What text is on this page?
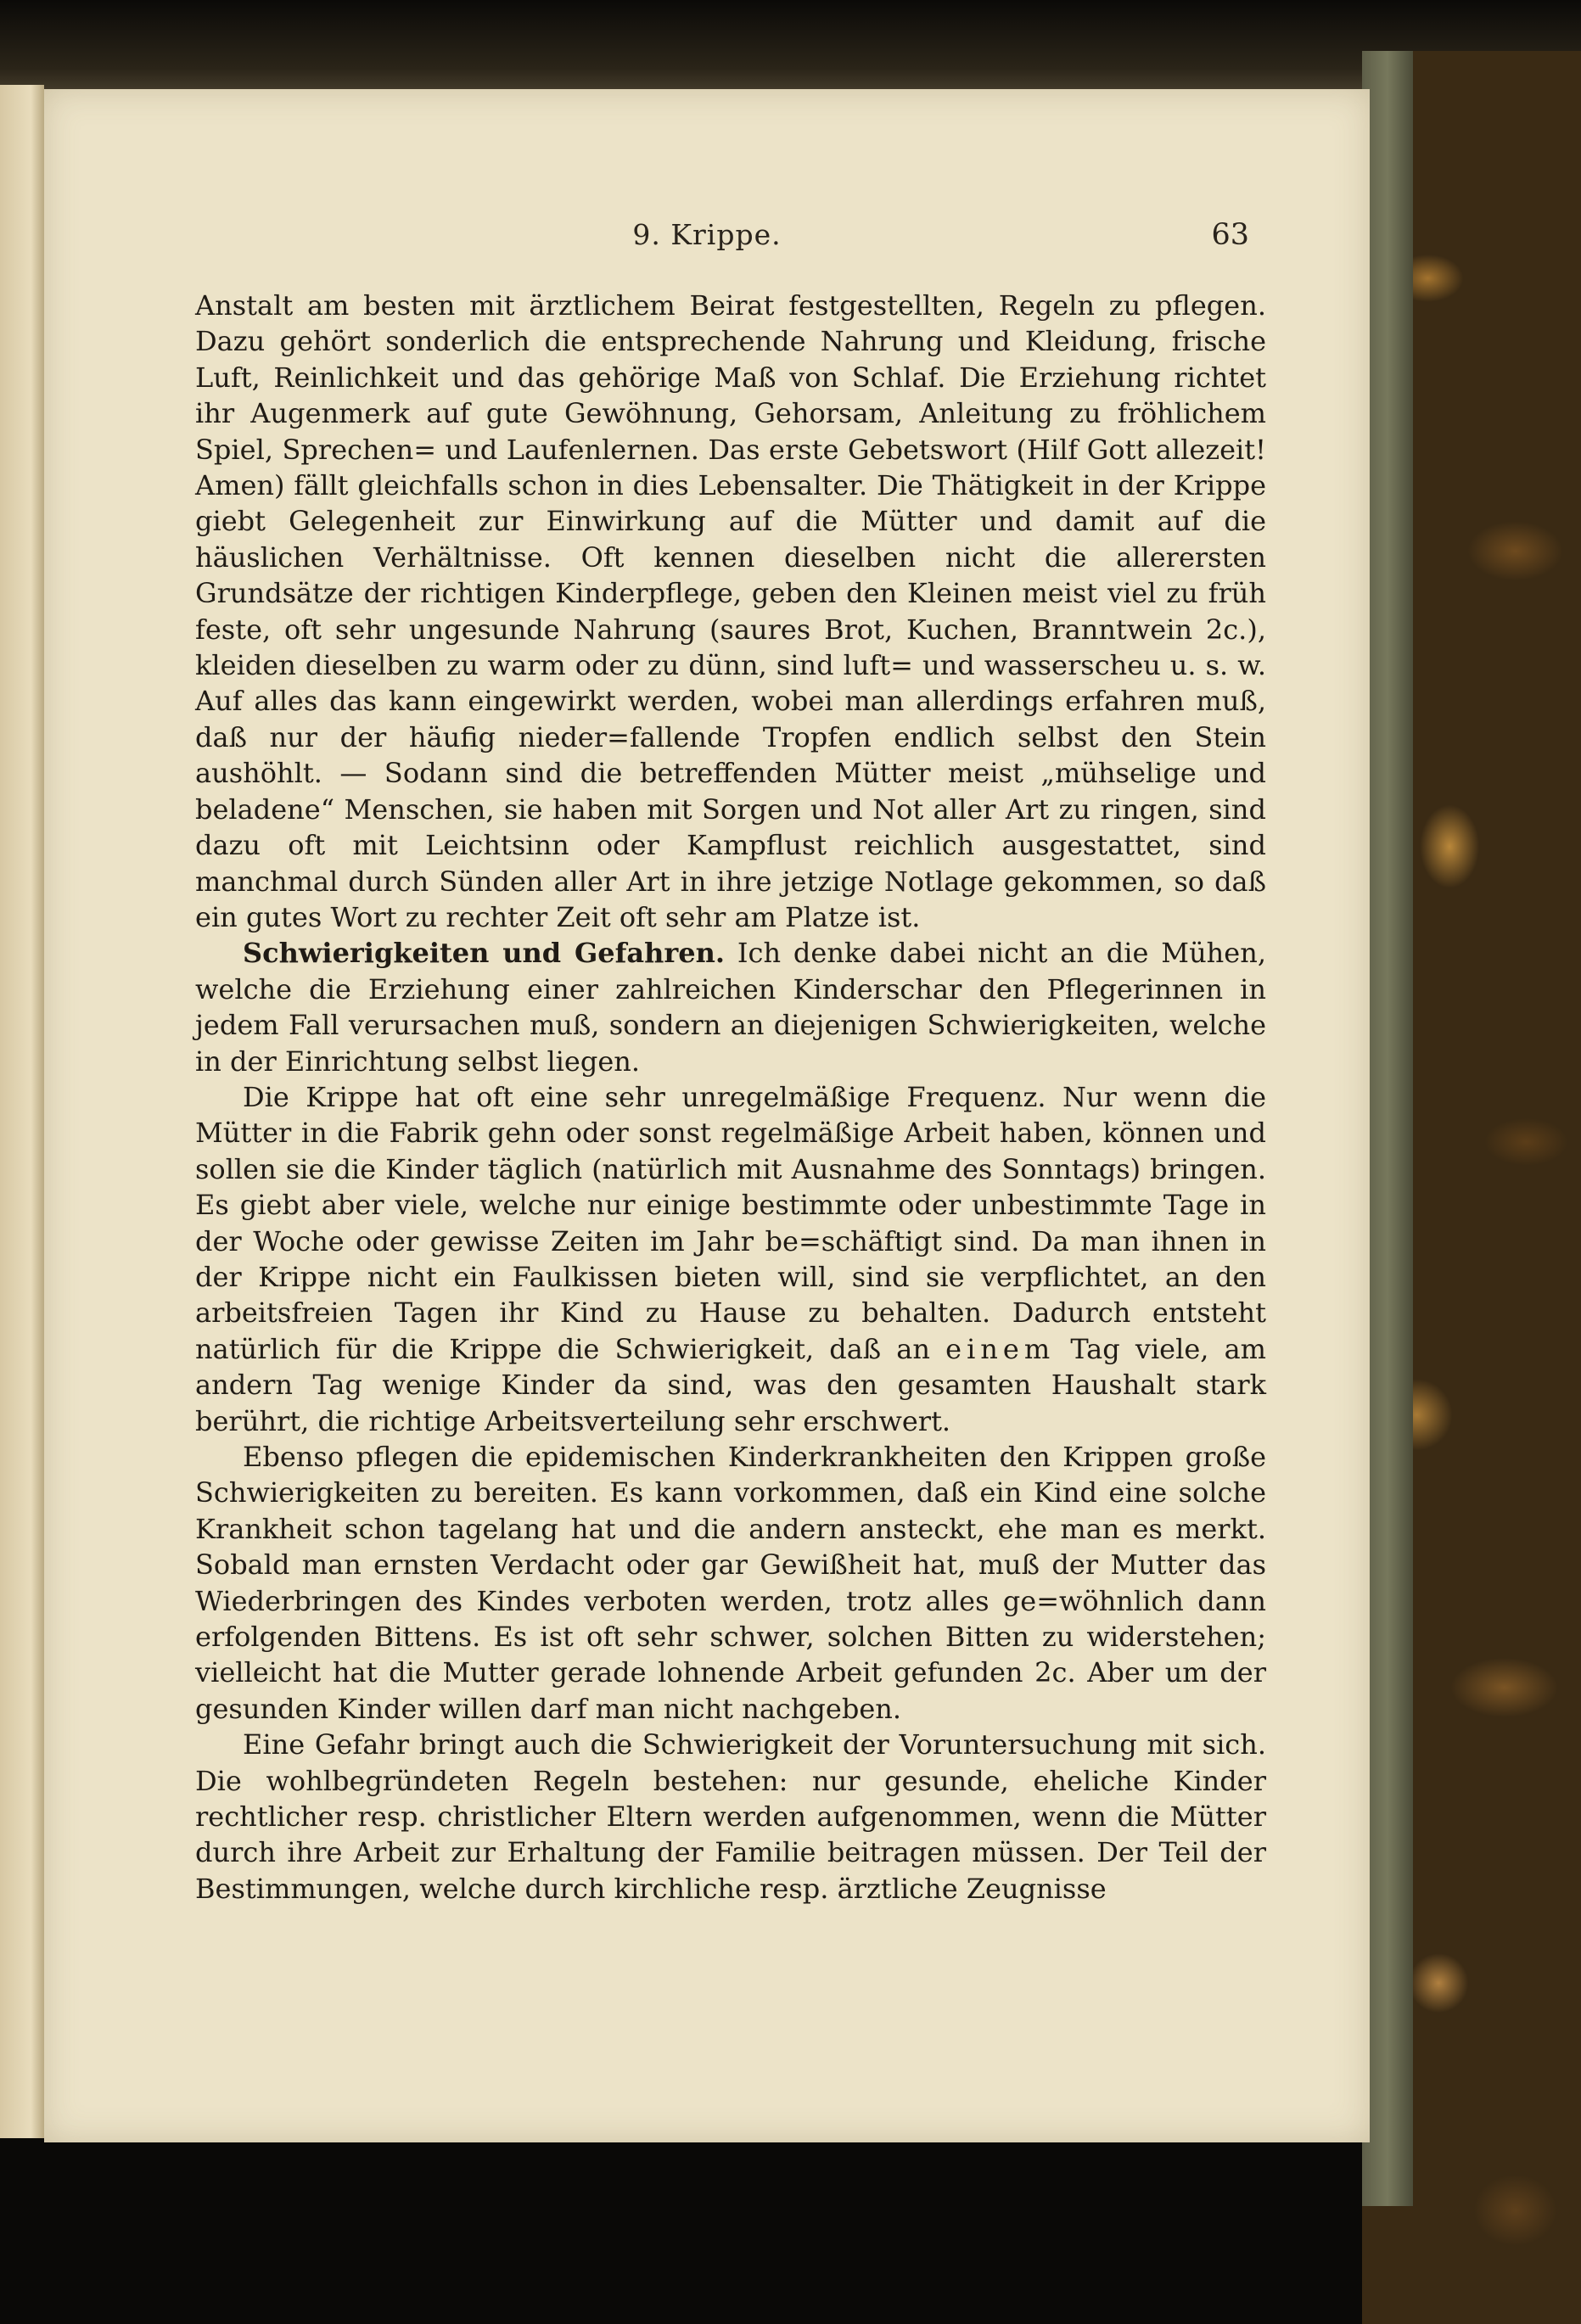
9. Krippe.	63

Anstalt am besten mit ärztlichem Beirat festgestellten, Regeln zu pflegen. Dazu gehört sonderlich die entsprechende Nahrung und Kleidung, frische Luft, Reinlichkeit und das gehörige Maß von Schlaf. Die Erziehung richtet ihr Augenmerk auf gute Gewöhnung, Gehorsam, Anleitung zu fröhlichem Spiel, Sprechen= und Laufenlernen. Das erste Gebetswort (Hilf Gott allezeit! Amen) fällt gleichfalls schon in dies Lebensalter. Die Thätigkeit in der Krippe giebt Gelegenheit zur Einwirkung auf die Mütter und damit auf die häuslichen Verhältnisse. Oft kennen dieselben nicht die allerersten Grundsätze der richtigen Kinderpflege, geben den Kleinen meist viel zu früh feste, oft sehr ungesunde Nahrung (saures Brot, Kuchen, Branntwein 2c.), kleiden dieselben zu warm oder zu dünn, sind luft= und wasserscheu u. s. w. Auf alles das kann eingewirkt werden, wobei man allerdings erfahren muß, daß nur der häufig nieder=fallende Tropfen endlich selbst den Stein aushöhlt. — Sodann sind die betreffenden Mütter meist „mühselige und beladene“ Menschen, sie haben mit Sorgen und Not aller Art zu ringen, sind dazu oft mit Leichtsinn oder Kampflust reichlich ausgestattet, sind manchmal durch Sünden aller Art in ihre jetzige Notlage gekommen, so daß ein gutes Wort zu rechter Zeit oft sehr am Platze ist.

Schwierigkeiten und Gefahren. Ich denke dabei nicht an die Mühen, welche die Erziehung einer zahlreichen Kinderschar den Pflegerinnen in jedem Fall verursachen muß, sondern an diejenigen Schwierigkeiten, welche in der Einrichtung selbst liegen.

Die Krippe hat oft eine sehr unregelmäßige Frequenz. Nur wenn die Mütter in die Fabrik gehn oder sonst regelmäßige Arbeit haben, können und sollen sie die Kinder täglich (natürlich mit Ausnahme des Sonntags) bringen. Es giebt aber viele, welche nur einige bestimmte oder unbestimmte Tage in der Woche oder gewisse Zeiten im Jahr be=schäftigt sind. Da man ihnen in der Krippe nicht ein Faulkissen bieten will, sind sie verpflichtet, an den arbeitsfreien Tagen ihr Kind zu Hause zu behalten. Dadurch entsteht natürlich für die Krippe die Schwierigkeit, daß an einem Tag viele, am andern Tag wenige Kinder da sind, was den gesamten Haushalt stark berührt, die richtige Arbeitsverteilung sehr erschwert.

Ebenso pflegen die epidemischen Kinderkrankheiten den Krippen große Schwierigkeiten zu bereiten. Es kann vorkommen, daß ein Kind eine solche Krankheit schon tagelang hat und die andern ansteckt, ehe man es merkt. Sobald man ernsten Verdacht oder gar Gewißheit hat, muß der Mutter das Wiederbringen des Kindes verboten werden, trotz alles ge=wöhnlich dann erfolgenden Bittens. Es ist oft sehr schwer, solchen Bitten zu widerstehen; vielleicht hat die Mutter gerade lohnende Arbeit gefunden 2c. Aber um der gesunden Kinder willen darf man nicht nachgeben.

Eine Gefahr bringt auch die Schwierigkeit der Voruntersuchung mit sich. Die wohlbegründeten Regeln bestehen: nur gesunde, eheliche Kinder rechtlicher resp. christlicher Eltern werden aufgenommen, wenn die Mütter durch ihre Arbeit zur Erhaltung der Familie beitragen müssen. Der Teil der Bestimmungen, welche durch kirchliche resp. ärztliche Zeugnisse
